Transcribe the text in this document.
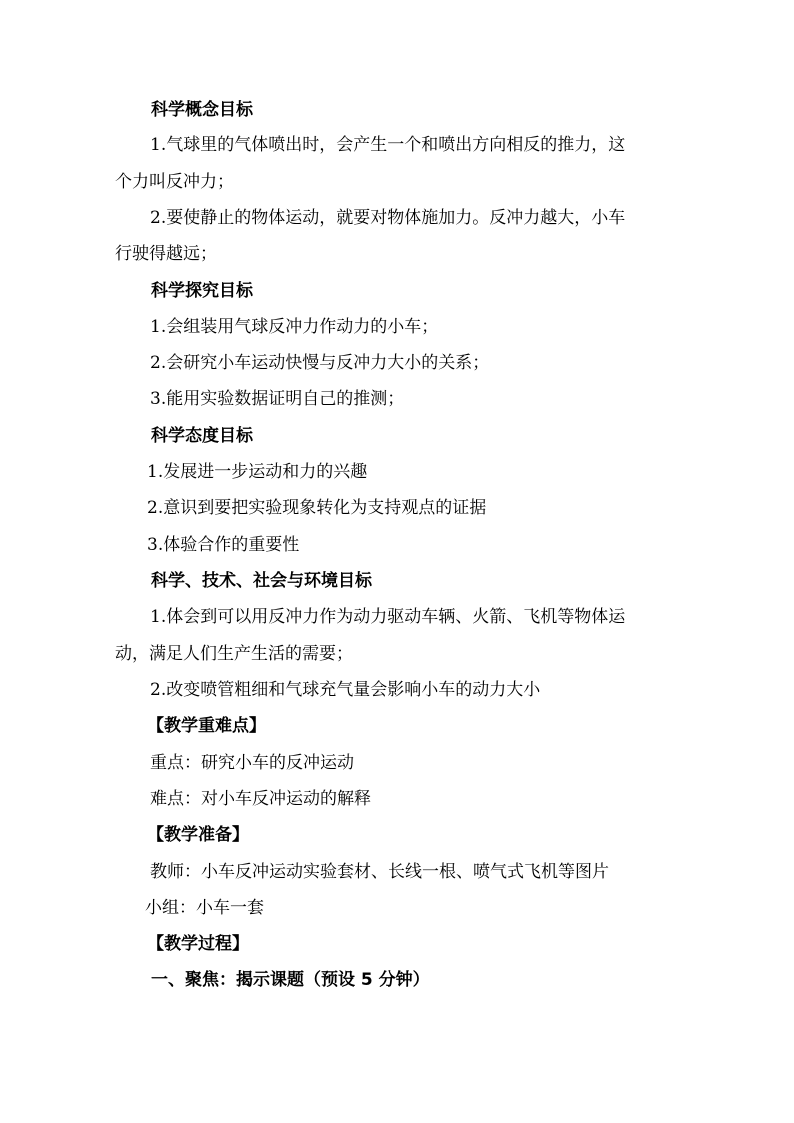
科学概念目标
1.气球里的气体喷出时，会产生一个和喷出方向相反的推力，这
个力叫反冲力；
2.要使静止的物体运动，就要对物体施加力。反冲力越大，小车
行驶得越远；
科学探究目标
1.会组装用气球反冲力作动力的小车；
2.会研究小车运动快慢与反冲力大小的关系；
3.能用实验数据证明自己的推测；
科学态度目标
1.发展进一步运动和力的兴趣
2.意识到要把实验现象转化为支持观点的证据
3.体验合作的重要性
科学、技术、社会与环境目标
1.体会到可以用反冲力作为动力驱动车辆、火箭、飞机等物体运
动，满足人们生产生活的需要；
2.改变喷管粗细和气球充气量会影响小车的动力大小
【教学重难点】
重点：研究小车的反冲运动
难点：对小车反冲运动的解释
【教学准备】
教师：小车反冲运动实验套材、长线一根、喷气式飞机等图片
小组：小车一套
【教学过程】
一、聚焦：揭示课题（预设 5 分钟）
